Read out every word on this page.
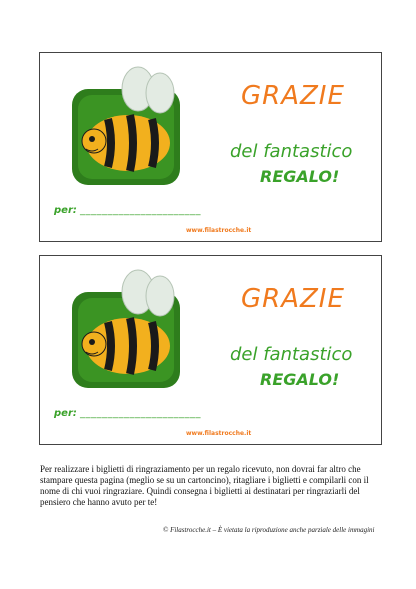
GRAZIE
del fantastico
REGALO!
per: ______________________
www.filastrocche.it
GRAZIE
del fantastico
REGALO!
per: ______________________
www.filastrocche.it
Per realizzare i biglietti di ringraziamento per un regalo ricevuto, non dovrai far altro che stampare questa pagina (meglio se su un cartoncino), ritagliare i biglietti e compilarli con il nome di chi vuoi ringraziare. Quindi consegna i biglietti ai destinatari per ringraziarli del pensiero che hanno avuto per te!
© Filastrocche.it – È vietata la riproduzione anche parziale delle immagini
